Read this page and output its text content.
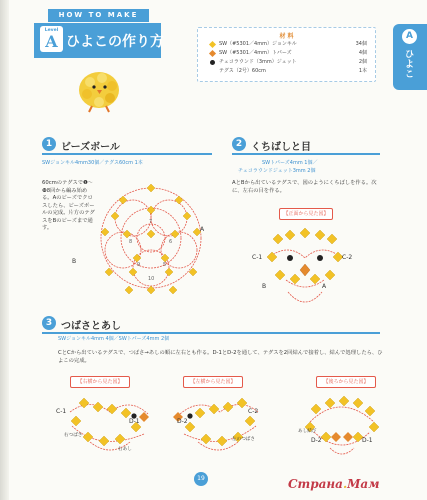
HOW TO MAKE
Level
A ひよこの作り方	材 料
SW（#5301／4mm）ジョンキル	34個
SW（#5301／4mm）トパーズ	4個
チェコラウンド（3mm）ジェット	2個
テグス（2号）60cm	1本
A
ひよこ
1 ビーズボール
SWジョンキル4mm30個／テグス60cm 1本
60cmのテグスで❶〜❿8回から編み始める。Aのビーズでクロスしたら、ビーズボールの完成。片方のテグスをBのビーズまで通す。
7
8	6
9	5
10
A
B
2 くちばしと目
SWトパーズ4mm 1個／
チェコラウンドジェット3mm 2個
AとBから出ているテグスで、図のようにくちばしを作る。次に、左右の目を作る。
【正面から見た図】
C-1	C-2
B	A
3 つばさとあし
SWジョンキル4mm 4個／SWトパーズ4mm 2個
CとCから出ているテグスで、つばさ→あしの順に左右とも作る。D-1とD-2を通して、テグスを2回結んで接着し、結んで処理したら、ひよこの完成。
【右横から見た図】	【左横から見た図】	【後ろから見た図】
C-1
D-1
右つばさ
右あし
C-2
D-2
左のつばさ
あし結び
D-2	D-1
19	Страна.Мам
